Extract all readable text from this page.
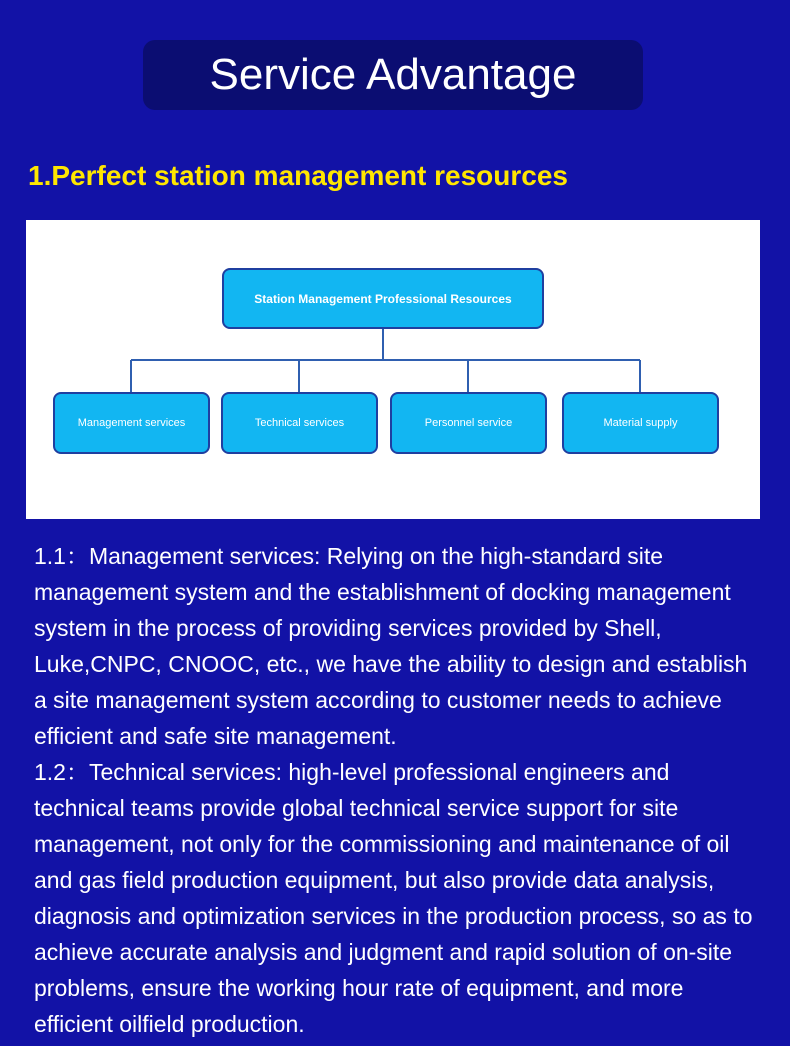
Service Advantage
1.Perfect station management resources
Station Management Professional Resources
Management services	Technical services	Personnel service	Material supply

1.1：Management services: Relying on the high-standard site management system and the establishment of docking management system in the process of providing services provided by Shell, Luke,CNPC, CNOOC, etc., we have the ability to design and establish a site management system according to customer needs to achieve efficient and safe site management.

1.2：Technical services: high-level professional engineers and technical teams provide global technical service support for site management, not only for the commissioning and maintenance of oil and gas field production equipment, but also provide data analysis, diagnosis and optimization services in the production process, so as to achieve accurate analysis and judgment and rapid solution of on-site problems, ensure the working hour rate of equipment, and more efficient oilfield production.
